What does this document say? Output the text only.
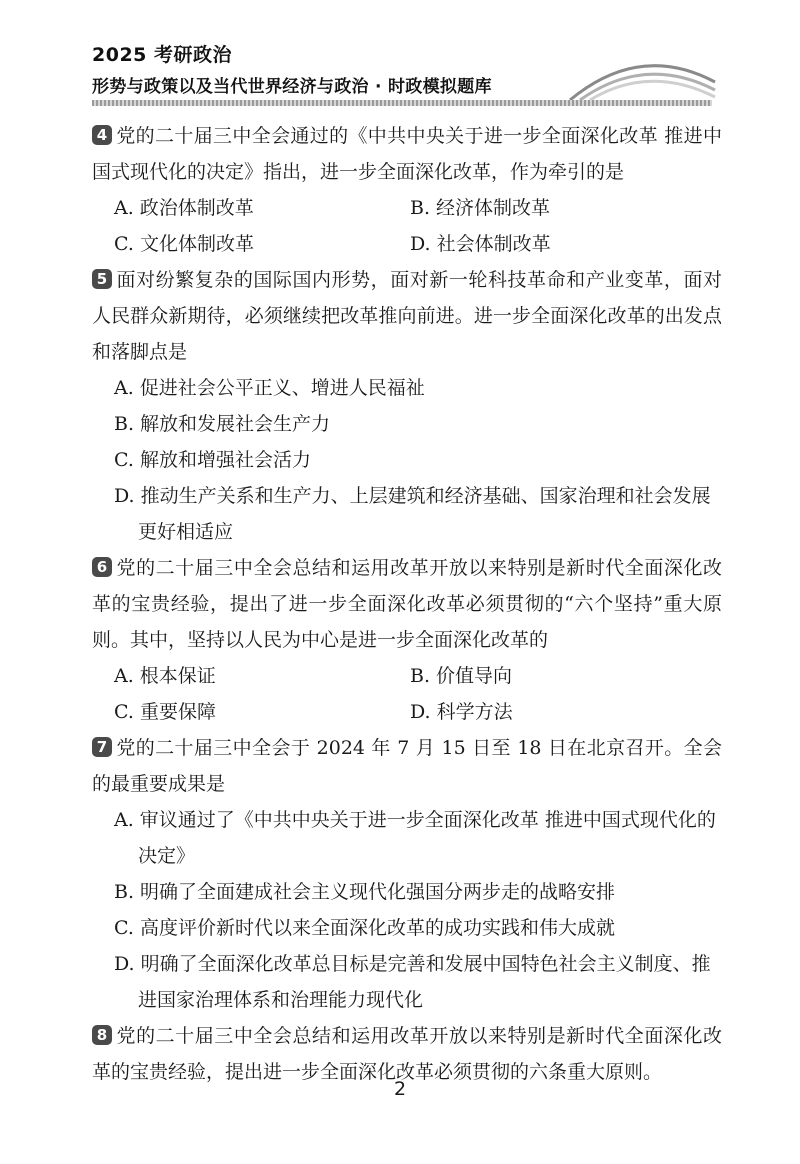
2025 考研政治
形势与政策以及当代世界经济与政治 · 时政模拟题库
4 党的二十届三中全会通过的《中共中央关于进一步全面深化改革 推进中国式现代化的决定》指出，进一步全面深化改革，作为牵引的是
A. 政治体制改革	B. 经济体制改革
C. 文化体制改革	D. 社会体制改革
5 面对纷繁复杂的国际国内形势，面对新一轮科技革命和产业变革，面对人民群众新期待，必须继续把改革推向前进。进一步全面深化改革的出发点和落脚点是
A. 促进社会公平正义、增进人民福祉
B. 解放和发展社会生产力
C. 解放和增强社会活力
D. 推动生产关系和生产力、上层建筑和经济基础、国家治理和社会发展更好相适应
6 党的二十届三中全会总结和运用改革开放以来特别是新时代全面深化改革的宝贵经验，提出了进一步全面深化改革必须贯彻的“六个坚持”重大原则。其中，坚持以人民为中心是进一步全面深化改革的
A. 根本保证	B. 价值导向
C. 重要保障	D. 科学方法
7 党的二十届三中全会于 2024 年 7 月 15 日至 18 日在北京召开。全会的最重要成果是
A. 审议通过了《中共中央关于进一步全面深化改革 推进中国式现代化的决定》
B. 明确了全面建成社会主义现代化强国分两步走的战略安排
C. 高度评价新时代以来全面深化改革的成功实践和伟大成就
D. 明确了全面深化改革总目标是完善和发展中国特色社会主义制度、推进国家治理体系和治理能力现代化
8 党的二十届三中全会总结和运用改革开放以来特别是新时代全面深化改革的宝贵经验，提出进一步全面深化改革必须贯彻的六条重大原则。
2
